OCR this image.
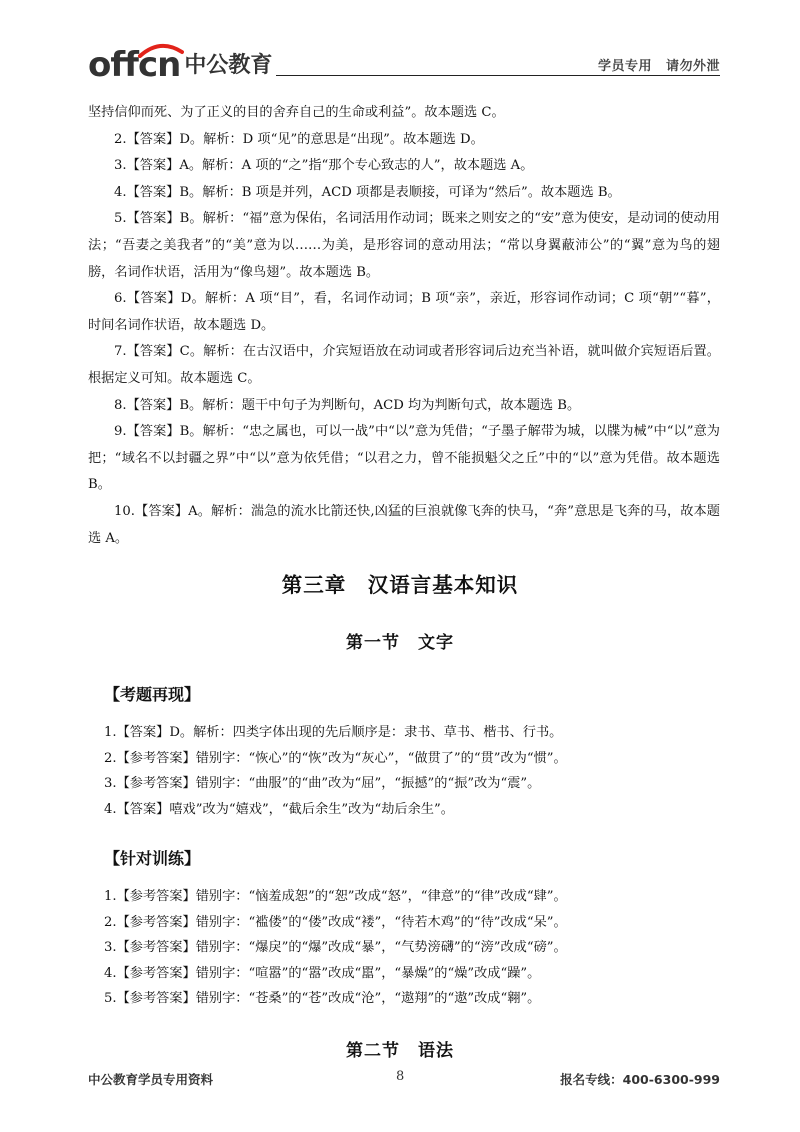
offcn 中公教育	学员专用 请勿外泄

坚持信仰而死、为了正义的目的舍弃自己的生命或利益”。故本题选 C。

2.【答案】D。解析：D 项“见”的意思是“出现”。故本题选 D。

3.【答案】A。解析：A 项的“之”指“那个专心致志的人”，故本题选 A。

4.【答案】B。解析：B 项是并列，ACD 项都是表顺接，可译为“然后”。故本题选 B。

5.【答案】B。解析：“福”意为保佑，名词活用作动词；既来之则安之的“安”意为使安，是动词的使动用法；“吾妻之美我者”的“美”意为以……为美，是形容词的意动用法；“常以身翼蔽沛公”的“翼”意为鸟的翅膀，名词作状语，活用为“像鸟翅”。故本题选 B。

6.【答案】D。解析：A 项“目”，看，名词作动词；B 项“亲”，亲近，形容词作动词；C 项“朝”“暮”，时间名词作状语，故本题选 D。

7.【答案】C。解析：在古汉语中，介宾短语放在动词或者形容词后边充当补语，就叫做介宾短语后置。根据定义可知。故本题选 C。

8.【答案】B。解析：题干中句子为判断句，ACD 均为判断句式，故本题选 B。

9.【答案】B。解析：“忠之属也，可以一战”中“以”意为凭借；“子墨子解带为城，以牒为械”中“以”意为把；“域名不以封疆之界”中“以”意为依凭借；“以君之力，曾不能损魁父之丘”中的“以”意为凭借。故本题选 B。

10.【答案】A。解析：湍急的流水比箭还快,凶猛的巨浪就像飞奔的快马，“奔”意思是飞奔的马，故本题选 A。

第三章　汉语言基本知识
第一节　文字
【考题再现】

1.【答案】D。解析：四类字体出现的先后顺序是：隶书、草书、楷书、行书。

2.【参考答案】错别字：“恢心”的“恢”改为“灰心”，“做贯了”的“贯”改为“惯”。

3.【参考答案】错别字：“曲服”的“曲”改为“屈”，“振撼”的“振”改为“震”。

4.【答案】嘻戏”改为“嬉戏”，“截后余生”改为“劫后余生”。

【针对训练】

1.【参考答案】错别字：“恼羞成恕”的“恕”改成“怒”，“律意”的“律”改成“肆”。

2.【参考答案】错别字：“褴偻”的“偻”改成“褛”，“待若木鸡”的“待”改成“呆”。

3.【参考答案】错别字：“爆戾”的“爆”改成“暴”，“气势滂礴”的“滂”改成“磅”。

4.【参考答案】错别字：“喧嚣”的“嚣”改成“嚚”，“暴燥”的“燥”改成“躁”。

5.【参考答案】错别字：“苍桑”的“苍”改成“沧”，“遨翔”的“遨”改成“翱”。

第二节　语法
中公教育学员专用资料	8	报名专线：400-6300-999
